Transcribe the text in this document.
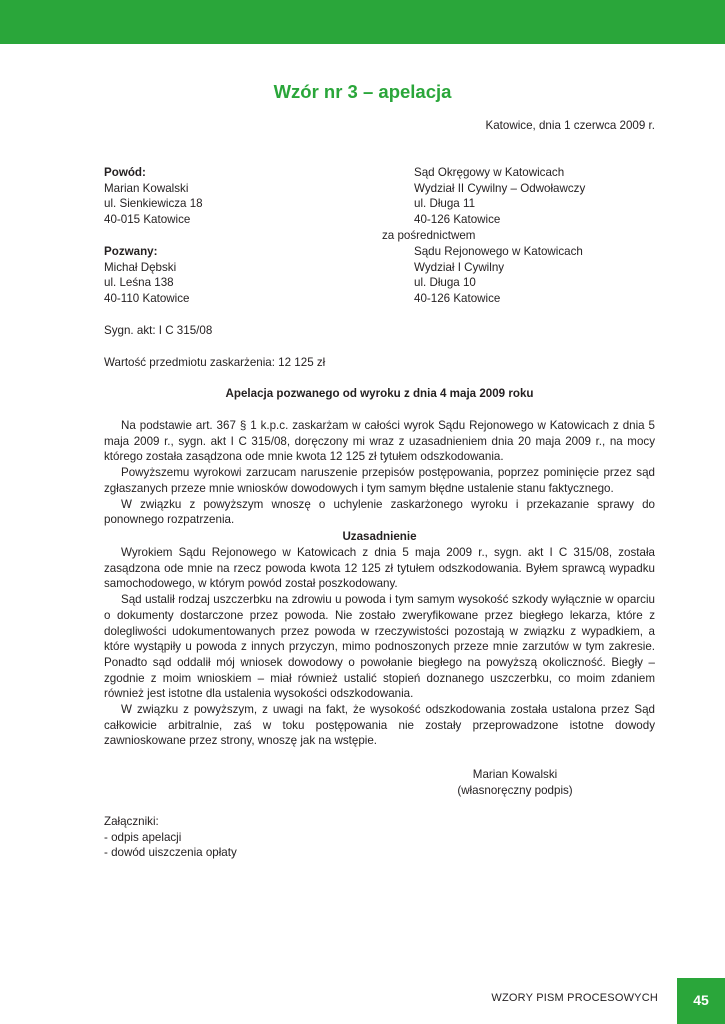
Wzór nr 3 – apelacja
Katowice, dnia 1 czerwca 2009 r.
Powód:
Marian Kowalski
ul. Sienkiewicza 18
40-015 Katowice
Pozwany:
Michał Dębski
ul. Leśna 138
40-110 Katowice
Sąd Okręgowy w Katowicach
Wydział II Cywilny – Odwoławczy
ul. Długa 11
40-126 Katowice
za pośrednictwem
Sądu Rejonowego w Katowicach
Wydział I Cywilny
ul. Długa 10
40-126 Katowice
Sygn. akt: I C 315/08
Wartość przedmiotu zaskarżenia: 12 125 zł
Apelacja pozwanego od wyroku z dnia 4 maja 2009 roku

Na podstawie art. 367 § 1 k.p.c. zaskarżam w całości wyrok Sądu Rejonowego w Katowicach z dnia 5 maja 2009 r., sygn. akt I C 315/08, doręczony mi wraz z uzasadnieniem dnia 20 maja 2009 r., na mocy którego została zasądzona ode mnie kwota 12 125 zł tytułem odszkodowania.

Powyższemu wyrokowi zarzucam naruszenie przepisów postępowania, poprzez pominięcie przez sąd zgłaszanych przeze mnie wniosków dowodowych i tym samym błędne ustalenie stanu faktycznego.

W związku z powyższym wnoszę o uchylenie zaskarżonego wyroku i przekazanie sprawy do ponownego rozpatrzenia.

Uzasadnienie

Wyrokiem Sądu Rejonowego w Katowicach z dnia 5 maja 2009 r., sygn. akt I C 315/08, została zasądzona ode mnie na rzecz powoda kwota 12 125 zł tytułem odszkodowania. Byłem sprawcą wypadku samochodowego, w którym powód został poszkodowany.

Sąd ustalił rodzaj uszczerbku na zdrowiu u powoda i tym samym wysokość szkody wyłącznie w oparciu o dokumenty dostarczone przez powoda. Nie zostało zweryfikowane przez biegłego lekarza, które z dolegliwości udokumentowanych przez powoda w rzeczywistości pozostają w związku z wypadkiem, a które wystąpiły u powoda z innych przyczyn, mimo podnoszonych przeze mnie zarzutów w tym zakresie. Ponadto sąd oddalił mój wniosek dowodowy o powołanie biegłego na powyższą okoliczność. Biegły – zgodnie z moim wnioskiem – miał również ustalić stopień doznanego uszczerbku, co moim zdaniem również jest istotne dla ustalenia wysokości odszkodowania.

W związku z powyższym, z uwagi na fakt, że wysokość odszkodowania została ustalona przez Sąd całkowicie arbitralnie, zaś w toku postępowania nie zostały przeprowadzone istotne dowody zawnioskowane przez strony, wnoszę jak na wstępie.

Marian Kowalski
(własnoręczny podpis)
Załączniki:
- odpis apelacji
- dowód uiszczenia opłaty
WZORY PISM PROCESOWYCH	45
